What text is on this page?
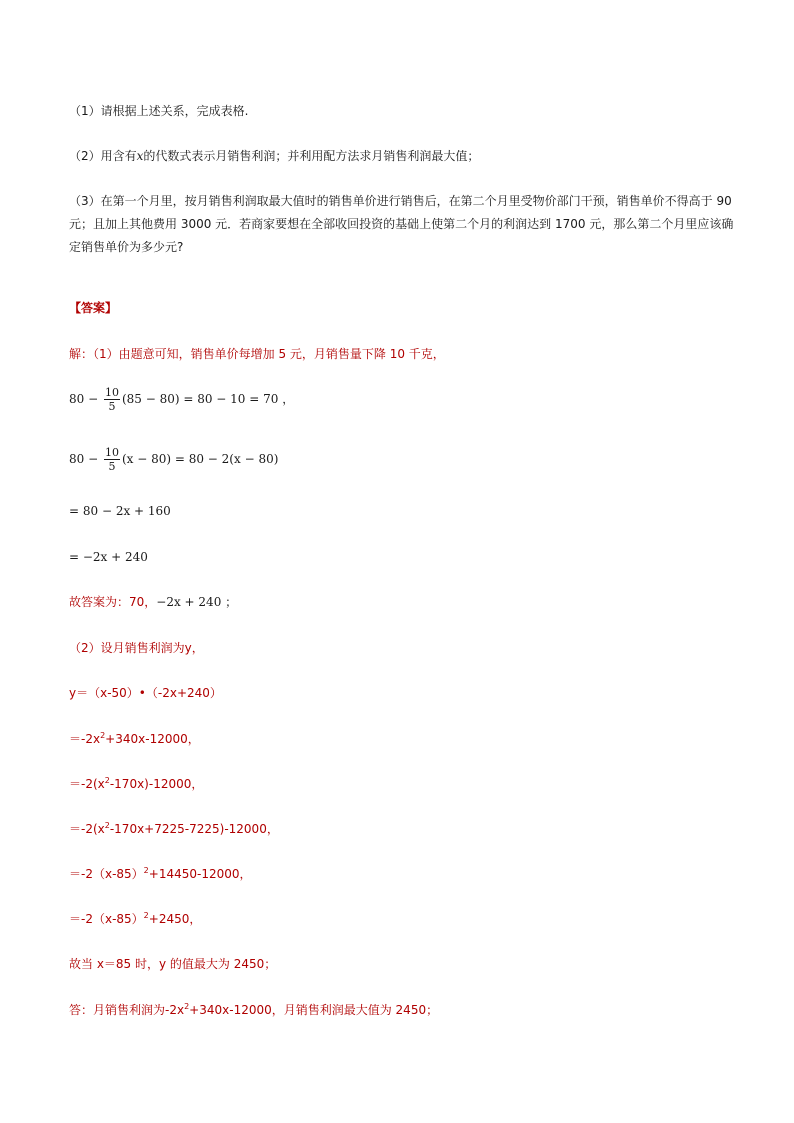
（1）请根据上述关系，完成表格.
（2）用含有x的代数式表示月销售利润；并利用配方法求月销售利润最大值；
（3）在第一个月里，按月销售利润取最大值时的销售单价进行销售后，在第二个月里受物价部门干预，销售单价不得高于 90
元；且加上其他费用 3000 元．若商家要想在全部收回投资的基础上使第二个月的利润达到 1700 元，那么第二个月里应该确
定销售单价为多少元?
【答案】
解：（1）由题意可知，销售单价每增加 5 元，月销售量下降 10 千克，
$80 - \frac{10}{5} (85 - 80) = 80 - 10 = 70$ ，
$80 - \frac{10}{5} (x - 80) = 80 - 2(x - 80)$
= 80 − 2x + 160
= −2x + 240
故答案为：70，−2x + 240 ；
（2）设月销售利润为y，
y＝（x-50）•（-2x+240）
$=-2x^2+340x-12000$，
$=-2(x^2-170x)-12000$，
$=-2(x^2-170x+7225-7225)-12000$，
$=-2(x-85)^2+14450-12000$，
$=-2(x-85)^2+2450$，
故当 x＝85 时，y 的值最大为 2450；
答：月销售利润为$-2x^2+340x-12000$，月销售利润最大值为 2450；
